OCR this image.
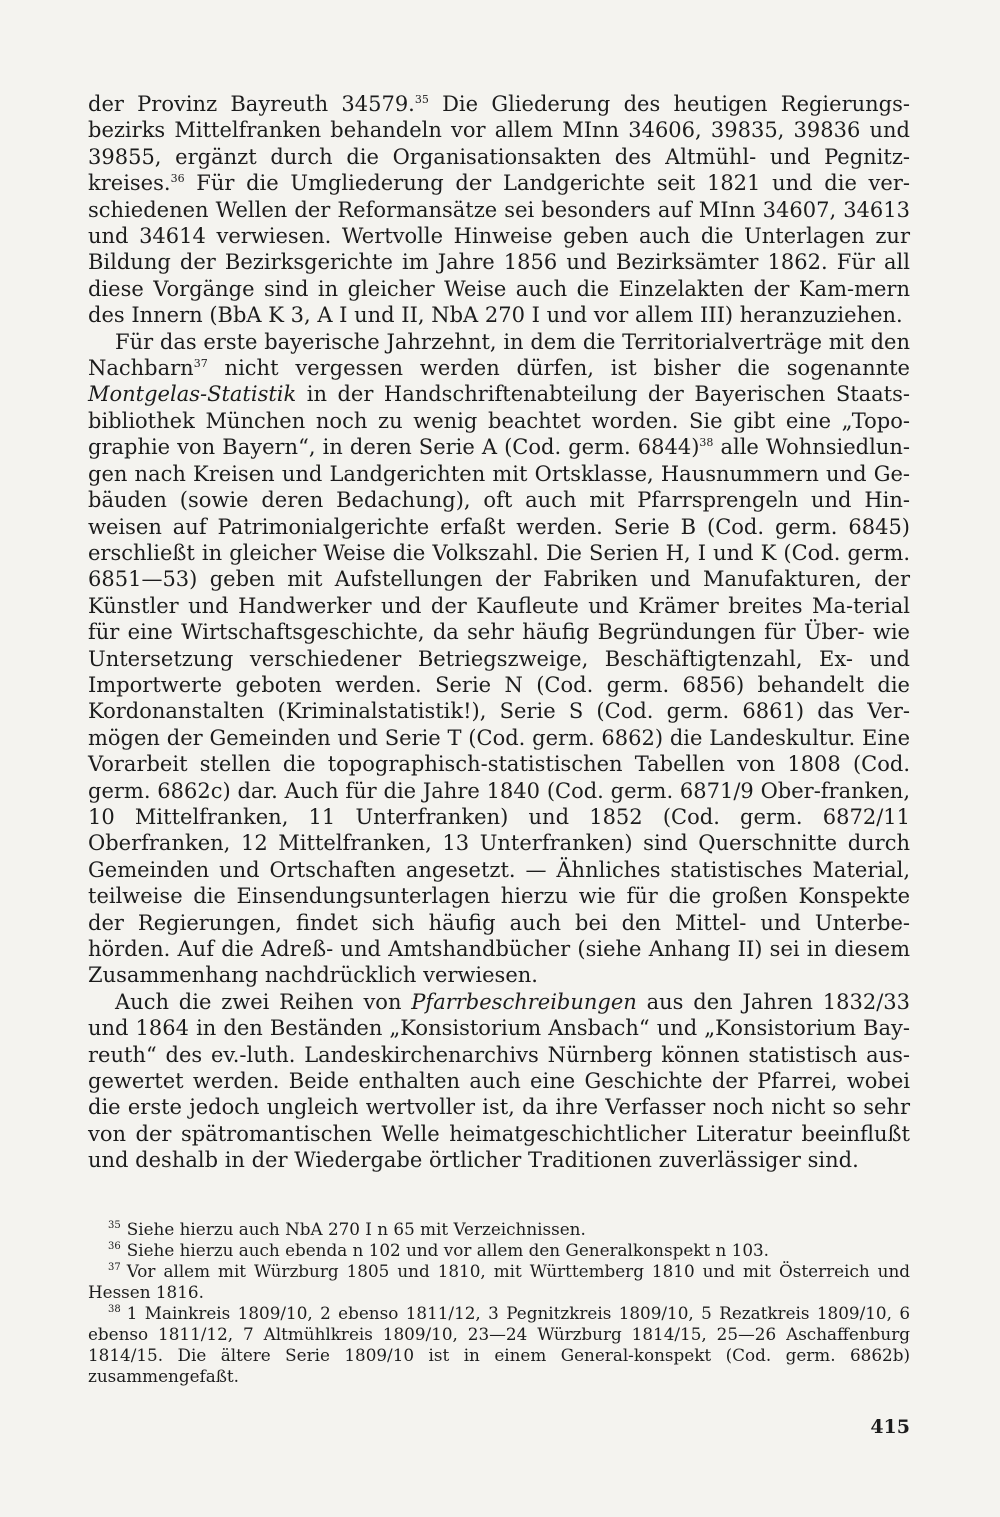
der Provinz Bayreuth 34579.35 Die Gliederung des heutigen Regierungs-bezirks Mittelfranken behandeln vor allem MInn 34606, 39835, 39836 und 39855, ergänzt durch die Organisationsakten des Altmühl- und Pegnitz-kreises.$^{36}$ Für die Umgliederung der Landgerichte seit 1821 und die ver-schiedenen Wellen der Reformansätze sei besonders auf MInn 34607, 34613 und 34614 verwiesen. Wertvolle Hinweise geben auch die Unterlagen zur Bildung der Bezirksgerichte im Jahre 1856 und Bezirksämter 1862. Für all diese Vorgänge sind in gleicher Weise auch die Einzelakten der Kam-mern des Innern (BbA K 3, A I und II, NbA 270 I und vor allem III) heranzuziehen.

Für das erste bayerische Jahrzehnt, in dem die Territorialverträge mit den Nachbarn$^{37}$ nicht vergessen werden dürfen, ist bisher die sogenannte Montgelas-Statistik in der Handschriftenabteilung der Bayerischen Staats-bibliothek München noch zu wenig beachtet worden. Sie gibt eine „Topo-graphie von Bayern“, in deren Serie A (Cod. germ. 6844)$^{38}$ alle Wohnsiedlun-gen nach Kreisen und Landgerichten mit Ortsklasse, Hausnummern und Ge-bäuden (sowie deren Bedachung), oft auch mit Pfarrsprengeln und Hin-weisen auf Patrimonialgerichte erfaßt werden. Serie B (Cod. germ. 6845) erschließt in gleicher Weise die Volkszahl. Die Serien H, I und K (Cod. germ. 6851—53) geben mit Aufstellungen der Fabriken und Manufakturen, der Künstler und Handwerker und der Kaufleute und Krämer breites Ma-terial für eine Wirtschaftsgeschichte, da sehr häufig Begründungen für Über- wie Untersetzung verschiedener Betriegszweige, Beschäftigtenzahl, Ex- und Importwerte geboten werden. Serie N (Cod. germ. 6856) behandelt die Kordonanstalten (Kriminalstatistik!), Serie S (Cod. germ. 6861) das Ver-mögen der Gemeinden und Serie T (Cod. germ. 6862) die Landeskultur. Eine Vorarbeit stellen die topographisch-statistischen Tabellen von 1808 (Cod. germ. 6862c) dar. Auch für die Jahre 1840 (Cod. germ. 6871/9 Ober-franken, 10 Mittelfranken, 11 Unterfranken) und 1852 (Cod. germ. 6872/11 Oberfranken, 12 Mittelfranken, 13 Unterfranken) sind Querschnitte durch Gemeinden und Ortschaften angesetzt. — Ähnliches statistisches Material, teilweise die Einsendungsunterlagen hierzu wie für die großen Konspekte der Regierungen, findet sich häufig auch bei den Mittel- und Unterbe-hörden. Auf die Adreß- und Amtshandbücher (siehe Anhang II) sei in diesem Zusammenhang nachdrücklich verwiesen.

Auch die zwei Reihen von Pfarrbeschreibungen aus den Jahren 1832/33 und 1864 in den Beständen „Konsistorium Ansbach“ und „Konsistorium Bay-reuth“ des ev.-luth. Landeskirchenarchivs Nürnberg können statistisch aus-gewertet werden. Beide enthalten auch eine Geschichte der Pfarrei, wobei die erste jedoch ungleich wertvoller ist, da ihre Verfasser noch nicht so sehr von der spätromantischen Welle heimatgeschichtlicher Literatur beeinflußt und deshalb in der Wiedergabe örtlicher Traditionen zuverlässiger sind.

$^{35}$ Siehe hierzu auch NbA 270 I n 65 mit Verzeichnissen.

$^{36}$ Siehe hierzu auch ebenda n 102 und vor allem den Generalkonspekt n 103.

$^{37}$ Vor allem mit Würzburg 1805 und 1810, mit Württemberg 1810 und mit Österreich und Hessen 1816.

$^{38}$ 1 Mainkreis 1809/10, 2 ebenso 1811/12, 3 Pegnitzkreis 1809/10, 5 Rezatkreis 1809/10, 6 ebenso 1811/12, 7 Altmühlkreis 1809/10, 23—24 Würzburg 1814/15, 25—26 Aschaffenburg 1814/15. Die ältere Serie 1809/10 ist in einem General-konspekt (Cod. germ. 6862b) zusammengefaßt.

415
